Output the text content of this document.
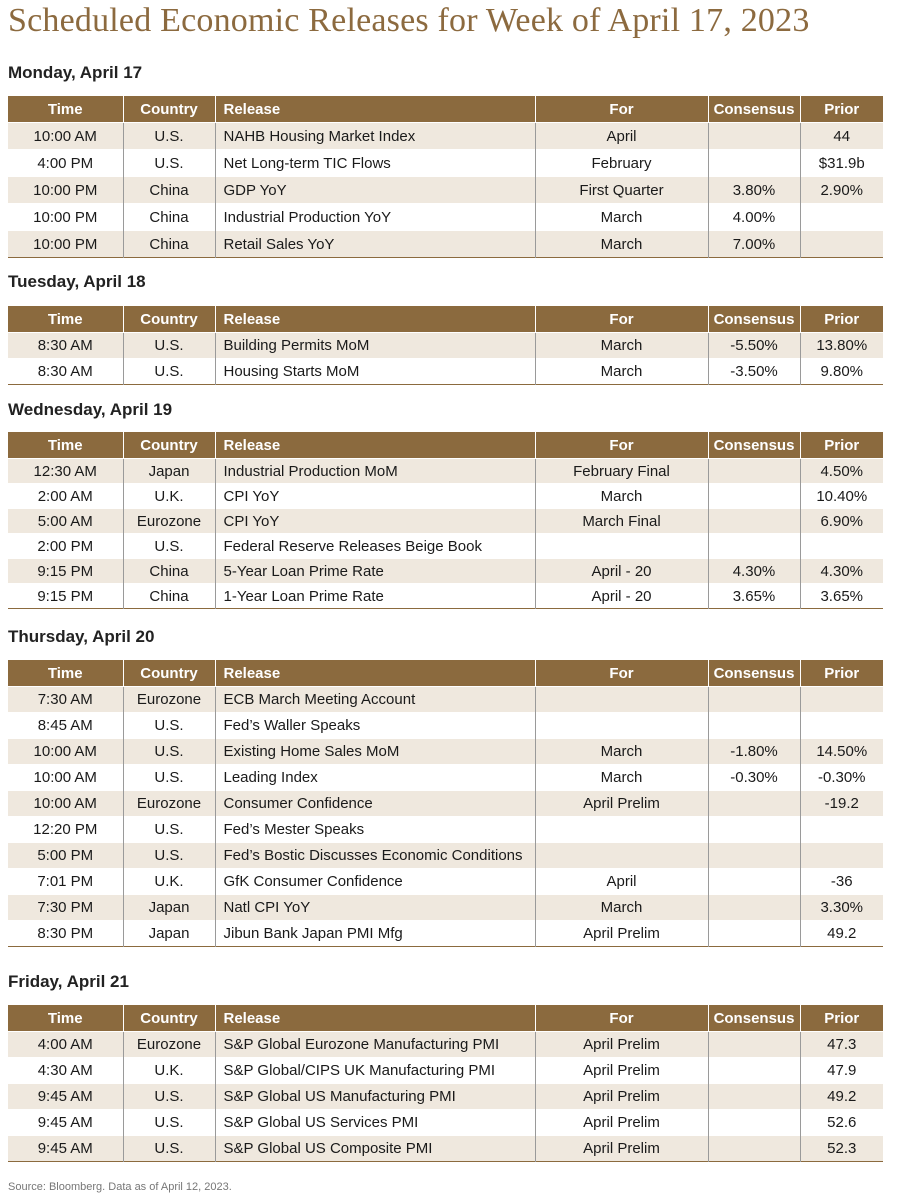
Scheduled Economic Releases for Week of April 17, 2023
Monday, April 17
Time	Country	Release	For	Consensus	Prior
10:00 AM	U.S.	NAHB Housing Market Index	April		44
4:00 PM	U.S.	Net Long-term TIC Flows	February		$31.9b
10:00 PM	China	GDP YoY	First Quarter	3.80%	2.90%
10:00 PM	China	Industrial Production YoY	March	4.00%	
10:00 PM	China	Retail Sales YoY	March	7.00%	
Tuesday, April 18
Time	Country	Release	For	Consensus	Prior
8:30 AM	U.S.	Building Permits MoM	March	-5.50%	13.80%
8:30 AM	U.S.	Housing Starts MoM	March	-3.50%	9.80%
Wednesday, April 19
Time	Country	Release	For	Consensus	Prior
12:30 AM	Japan	Industrial Production MoM	February Final		4.50%
2:00 AM	U.K.	CPI YoY	March		10.40%
5:00 AM	Eurozone	CPI YoY	March Final		6.90%
2:00 PM	U.S.	Federal Reserve Releases Beige Book			
9:15 PM	China	5-Year Loan Prime Rate	April - 20	4.30%	4.30%
9:15 PM	China	1-Year Loan Prime Rate	April - 20	3.65%	3.65%
Thursday, April 20
Time	Country	Release	For	Consensus	Prior
7:30 AM	Eurozone	ECB March Meeting Account			
8:45 AM	U.S.	Fed’s Waller Speaks			
10:00 AM	U.S.	Existing Home Sales MoM	March	-1.80%	14.50%
10:00 AM	U.S.	Leading Index	March	-0.30%	-0.30%
10:00 AM	Eurozone	Consumer Confidence	April Prelim		-19.2
12:20 PM	U.S.	Fed’s Mester Speaks			
5:00 PM	U.S.	Fed’s Bostic Discusses Economic Conditions			
7:01 PM	U.K.	GfK Consumer Confidence	April		-36
7:30 PM	Japan	Natl CPI YoY	March		3.30%
8:30 PM	Japan	Jibun Bank Japan PMI Mfg	April Prelim		49.2
Friday, April 21
Time	Country	Release	For	Consensus	Prior
4:00 AM	Eurozone	S&P Global Eurozone Manufacturing PMI	April Prelim		47.3
4:30 AM	U.K.	S&P Global/CIPS UK Manufacturing PMI	April Prelim		47.9
9:45 AM	U.S.	S&P Global US Manufacturing PMI	April Prelim		49.2
9:45 AM	U.S.	S&P Global US Services PMI	April Prelim		52.6
9:45 AM	U.S.	S&P Global US Composite PMI	April Prelim		52.3
Source: Bloomberg. Data as of April 12, 2023.
